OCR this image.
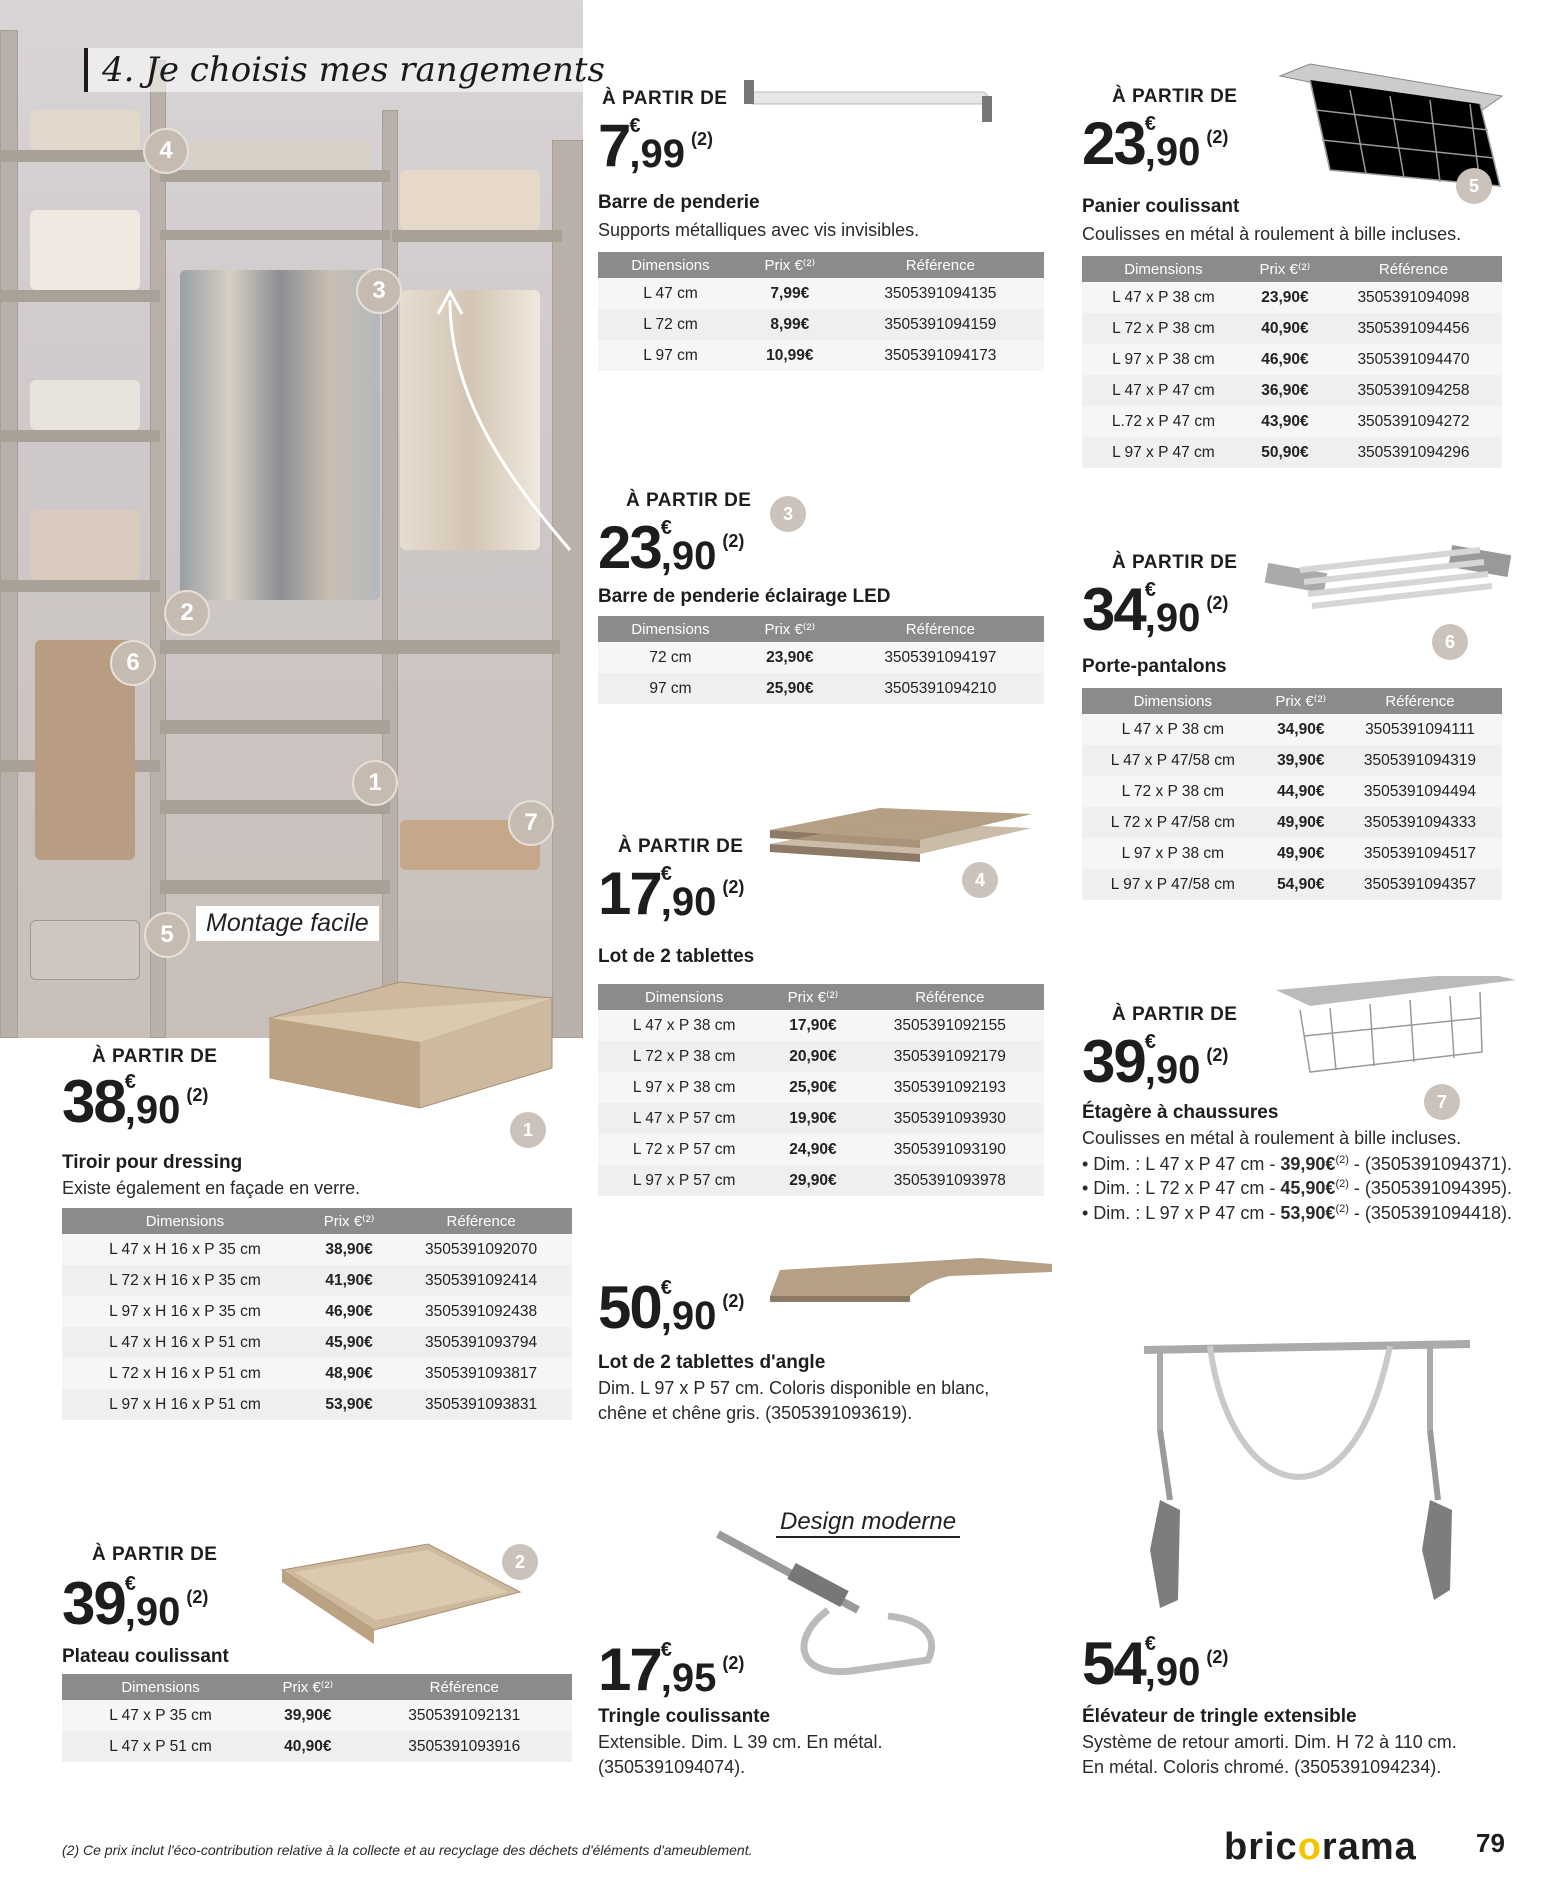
4. Je choisis mes rangements
4
3
2
6
1
7
5	Montage facile
À PARTIR DE
7 €
,99 (2)
Barre de penderie
Supports métalliques avec vis invisibles.
Dimensions	Prix €⁽²⁾	Référence
L 47 cm	7,99€	3505391094135
L 72 cm	8,99€	3505391094159
L 97 cm	10,99€	3505391094173
À PARTIR DE
3
23 €
,90 (2)
Barre de penderie éclairage LED
Dimensions	Prix €⁽²⁾	Référence
72 cm	23,90€	3505391094197
97 cm	25,90€	3505391094210
À PARTIR DE
4
17 €
,90 (2)
Lot de 2 tablettes
Dimensions	Prix €⁽²⁾	Référence
L 47 x P 38 cm	17,90€	3505391092155
L 72 x P 38 cm	20,90€	3505391092179
L 97 x P 38 cm	25,90€	3505391092193
L 47 x P 57 cm	19,90€	3505391093930
L 72 x P 57 cm	24,90€	3505391093190
L 97 x P 57 cm	29,90€	3505391093978
50 €
,90 (2)
Lot de 2 tablettes d'angle
Dim. L 97 x P 57 cm. Coloris disponible en blanc,
chêne et chêne gris. (3505391093619).
À PARTIR DE
1
38 €
,90 (2)
Tiroir pour dressing
Existe également en façade en verre.
Dimensions	Prix €⁽²⁾	Référence
L 47 x H 16 x P 35 cm	38,90€	3505391092070
L 72 x H 16 x P 35 cm	41,90€	3505391092414
L 97 x H 16 x P 35 cm	46,90€	3505391092438
L 47 x H 16 x P 51 cm	45,90€	3505391093794
L 72 x H 16 x P 51 cm	48,90€	3505391093817
L 97 x H 16 x P 51 cm	53,90€	3505391093831
À PARTIR DE	2
39 €
,90 (2)
Plateau coulissant
Dimensions	Prix €⁽²⁾	Référence
L 47 x P 35 cm	39,90€	3505391092131
L 47 x P 51 cm	40,90€	3505391093916
Design moderne
17 €
,95 (2)
Tringle coulissante
Extensible. Dim. L 39 cm. En métal.
(3505391094074).
À PARTIR DE
5
23 €
,90 (2)
Panier coulissant
Coulisses en métal à roulement à bille incluses.
Dimensions	Prix €⁽²⁾	Référence
L 47 x P 38 cm	23,90€	3505391094098
L 72 x P 38 cm	40,90€	3505391094456
L 97 x P 38 cm	46,90€	3505391094470
L 47 x P 47 cm	36,90€	3505391094258
L.72 x P 47 cm	43,90€	3505391094272
L 97 x P 47 cm	50,90€	3505391094296
À PARTIR DE
6
34 €
,90 (2)
Porte-pantalons
Dimensions	Prix €⁽²⁾	Référence
L 47 x P 38 cm	34,90€	3505391094111
L 47 x P 47/58 cm	39,90€	3505391094319
L 72 x P 38 cm	44,90€	3505391094494
L 72 x P 47/58 cm	49,90€	3505391094333
L 97 x P 38 cm	49,90€	3505391094517
L 97 x P 47/58 cm	54,90€	3505391094357
À PARTIR DE
7
39 €
,90 (2)
Étagère à chaussures
Coulisses en métal à roulement à bille incluses.
• Dim. : L 47 x P 47 cm - 39,90€$^{(2)}$ - (3505391094371).
• Dim. : L 72 x P 47 cm - 45,90€$^{(2)}$ - (3505391094395).
• Dim. : L 97 x P 47 cm - 53,90€$^{(2)}$ - (3505391094418).
54 €
,90 (2)
Élévateur de tringle extensible
Système de retour amorti. Dim. H 72 à 110 cm.
En métal. Coloris chromé. (3505391094234).
(2) Ce prix inclut l'éco-contribution relative à la collecte et au recyclage des déchets d'éléments d'ameublement.	bricorama 79
